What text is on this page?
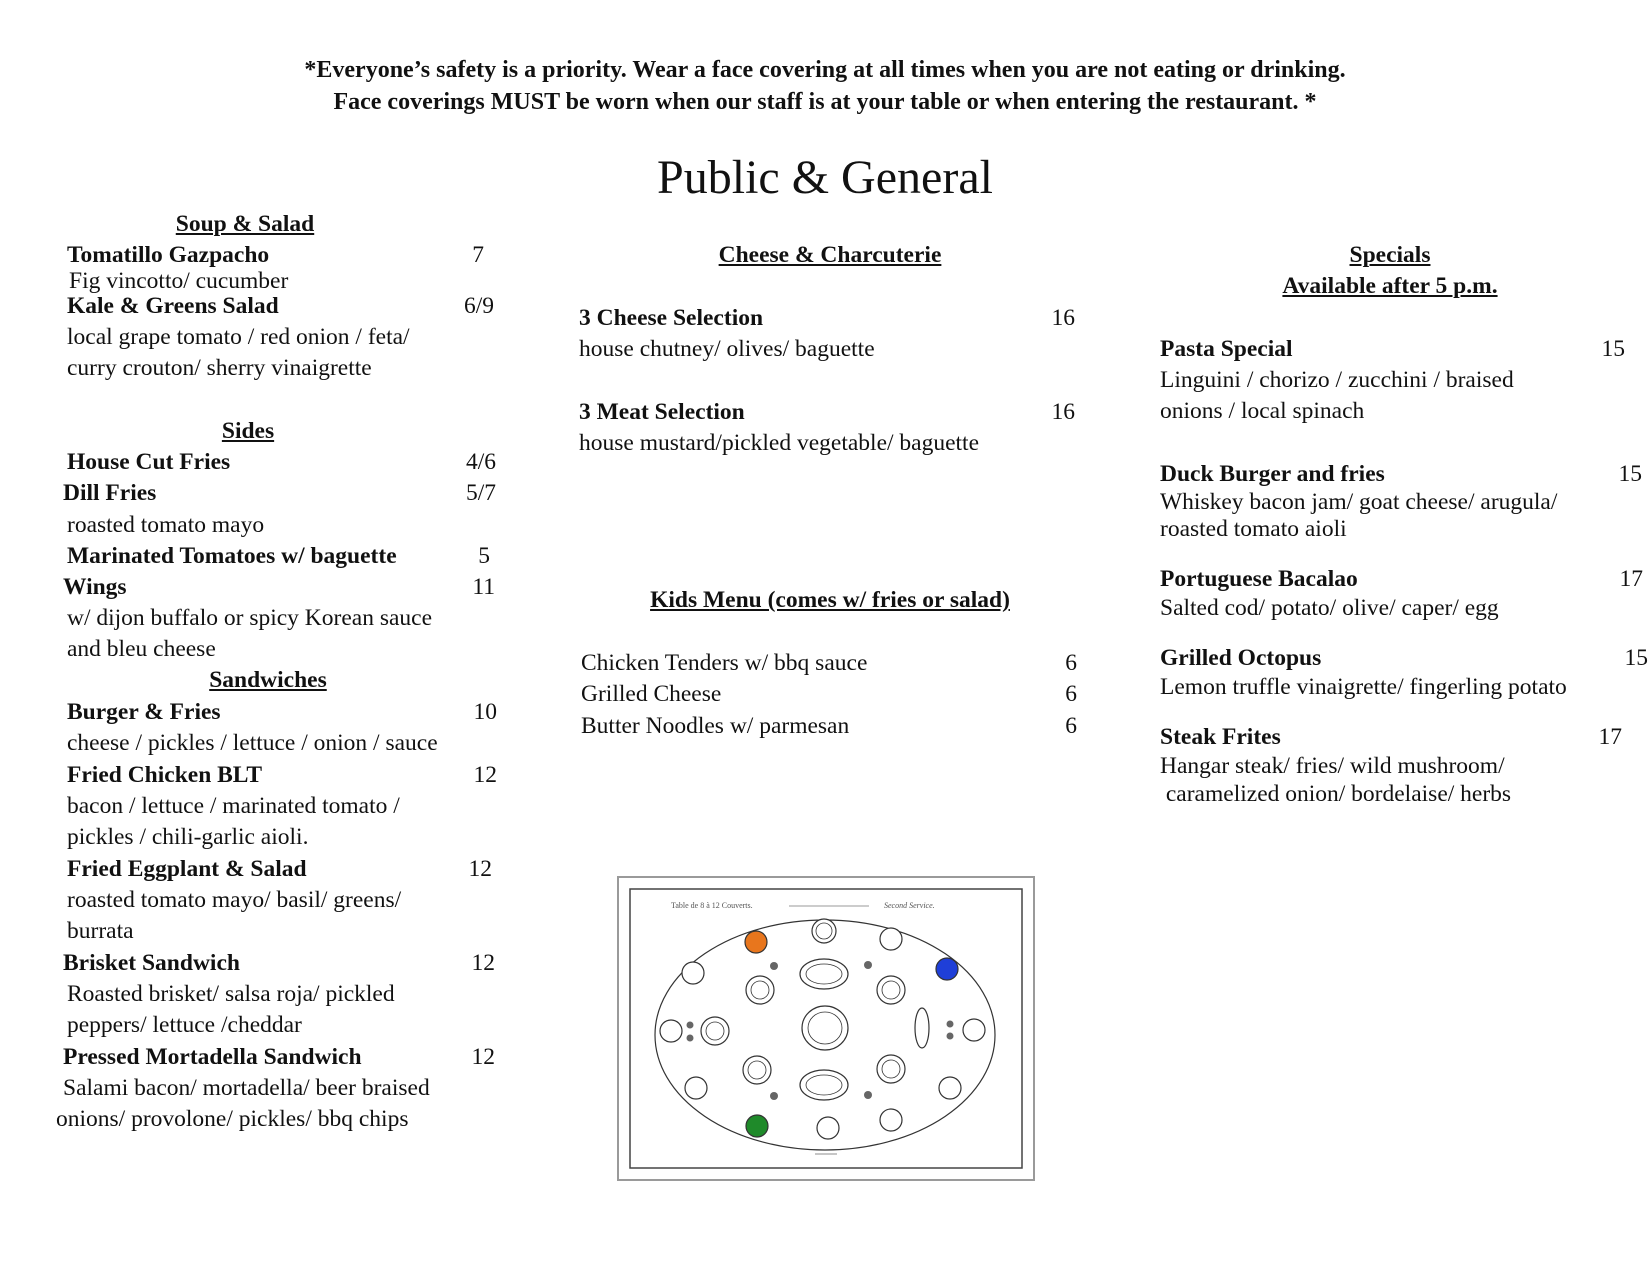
*Everyone’s safety is a priority. Wear a face covering at all times when you are not eating or drinking.
Face coverings MUST be worn when our staff is at your table or when entering the restaurant. *
Public & General
Soup & Salad
Tomatillo Gazpacho	7
Fig vincotto/ cucumber
Kale & Greens Salad	6/9
local grape tomato / red onion / feta/
curry crouton/ sherry vinaigrette
Sides
House Cut Fries	4/6
Dill Fries	5/7
roasted tomato mayo
Marinated Tomatoes w/ baguette	5
Wings	11
w/ dijon buffalo or spicy Korean sauce
and bleu cheese
Sandwiches
Burger & Fries	10
cheese / pickles / lettuce / onion / sauce
Fried Chicken BLT	12
bacon / lettuce / marinated tomato /
pickles / chili-garlic aioli.
Fried Eggplant & Salad	12
roasted tomato mayo/ basil/ greens/
burrata
Brisket Sandwich	12
Roasted brisket/ salsa roja/ pickled
peppers/ lettuce /cheddar
Pressed Mortadella Sandwich	12
Salami bacon/ mortadella/ beer braised
onions/ provolone/ pickles/ bbq chips
Cheese & Charcuterie
3 Cheese Selection	16
house chutney/ olives/ baguette
3 Meat Selection	16
house mustard/pickled vegetable/ baguette
Kids Menu (comes w/ fries or salad)
Chicken Tenders w/ bbq sauce	6
Grilled Cheese	6
Butter Noodles w/ parmesan	6
Table de 8 à 12 Couverts.	Second Service.
Specials
Available after 5 p.m.
Pasta Special	15
Linguini / chorizo / zucchini / braised
onions / local spinach
Duck Burger and fries	15
Whiskey bacon jam/ goat cheese/ arugula/
roasted tomato aioli
Portuguese Bacalao	17
Salted cod/ potato/ olive/ caper/ egg
Grilled Octopus	15
Lemon truffle vinaigrette/ fingerling potato
Steak Frites	17
Hangar steak/ fries/ wild mushroom/
caramelized onion/ bordelaise/ herbs
